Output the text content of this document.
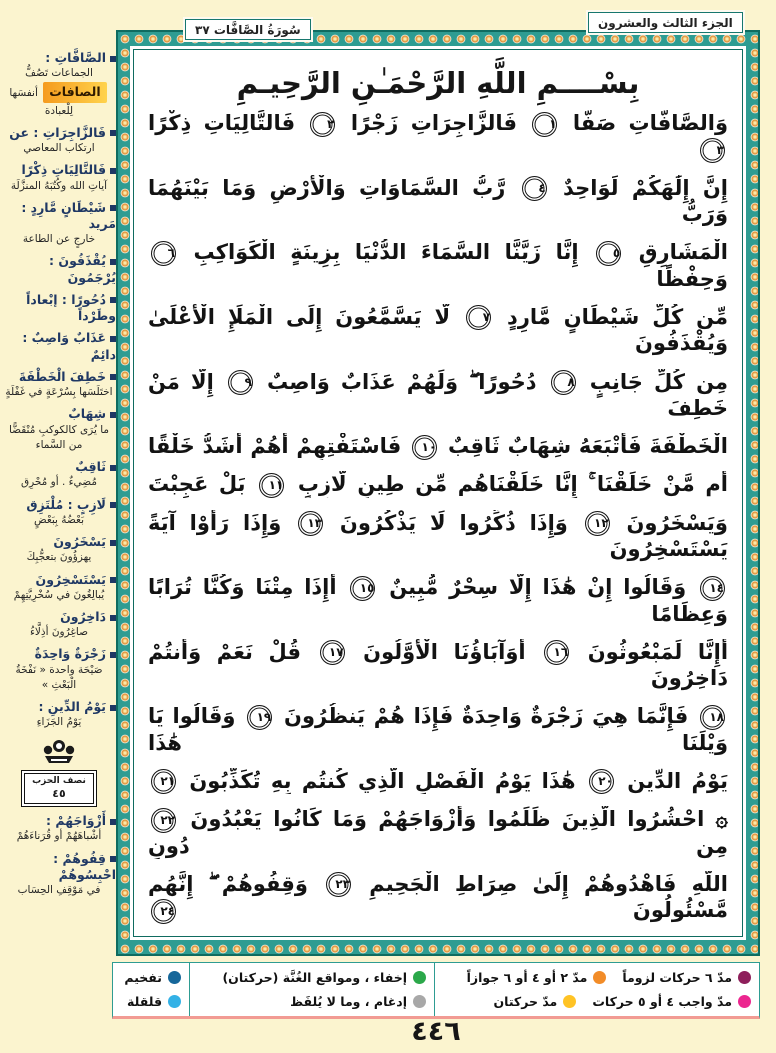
سُورَةُ الصَّافَّات ٣٧	الجزء الثالث والعشرون
بِسْــــمِ اللَّهِ الرَّحْمَـٰنِ الرَّحِيـمِ
وَالصَّافَّاتِ صَفًّا ١ فَالزَّاجِرَاتِ زَجْرًا ٢ فَالتَّالِيَاتِ ذِكْرًا ٣
إِنَّ إِلَٰهَكُمْ لَوَاحِدٌ ٤ رَّبُّ السَّمَاوَاتِ وَالْأَرْضِ وَمَا بَيْنَهُمَا وَرَبُّ
الْمَشَارِقِ ٥ إِنَّا زَيَّنَّا السَّمَاءَ الدُّنْيَا بِزِينَةٍ الْكَوَاكِبِ ٦ وَحِفْظًا
مِّن كُلِّ شَيْطَانٍ مَّارِدٍ ٧ لَّا يَسَّمَّعُونَ إِلَى الْمَلَإِ الْأَعْلَىٰ وَيُقْذَفُونَ
مِن كُلِّ جَانِبٍ ٨ دُحُورًا ۖ وَلَهُمْ عَذَابٌ وَاصِبٌ ٩ إِلَّا مَنْ خَطِفَ
الْخَطْفَةَ فَأَتْبَعَهُ شِهَابٌ ثَاقِبٌ ١٠ فَاسْتَفْتِهِمْ أَهُمْ أَشَدُّ خَلْقًا
أَم مَّنْ خَلَقْنَا ۚ إِنَّا خَلَقْنَاهُم مِّن طِينٍ لَّازِبٍ ١١ بَلْ عَجِبْتَ
وَيَسْخَرُونَ ١٢ وَإِذَا ذُكِّرُوا لَا يَذْكُرُونَ ١٣ وَإِذَا رَأَوْا آيَةً يَسْتَسْخِرُونَ
١٤ وَقَالُوا إِنْ هَٰذَا إِلَّا سِحْرٌ مُّبِينٌ ١٥ أَإِذَا مِتْنَا وَكُنَّا تُرَابًا وَعِظَامًا
أَإِنَّا لَمَبْعُوثُونَ ١٦ أَوَآبَاؤُنَا الْأَوَّلُونَ ١٧ قُلْ نَعَمْ وَأَنتُمْ دَاخِرُونَ
١٨ فَإِنَّمَا هِيَ زَجْرَةٌ وَاحِدَةٌ فَإِذَا هُمْ يَنظُرُونَ ١٩ وَقَالُوا يَا وَيْلَنَا هَٰذَا
يَوْمُ الدِّينِ ٢٠ هَٰذَا يَوْمُ الْفَصْلِ الَّذِي كُنتُم بِهِ تُكَذِّبُونَ ٢١
۞ احْشُرُوا الَّذِينَ ظَلَمُوا وَأَزْوَاجَهُمْ وَمَا كَانُوا يَعْبُدُونَ ٢٢ مِن دُونِ
اللَّهِ فَاهْدُوهُمْ إِلَىٰ صِرَاطِ الْجَحِيمِ ٢٣ وَقِفُوهُمْ ۖ إِنَّهُم مَّسْئُولُونَ ٢٤
الصَّافَّاتِ :
الجماعات تَصُفُّ الصافات أنفسَها لِلْعبادة
فَالزَّاجِرَاتِ : عن
ارتكاب المعاصي
فَالتَّالِيَاتِ ذِكْرًا
آياتِ الله وكُتُبَهُ المنزَّلَة
شَيْطَانٍ مَّارِدٍ : مَريد
خارجٍ عن الطاعة
يُقْذَفُونَ : يُرْجَمُونَ
دُحُورًا : إبْعاداً وطَرْداً
عَذَابٌ وَاصِبٌ : دائِمٌ
خَطِفَ الْخَطْفَةَ
اختَلَسَها بِسُرْعَةٍ في غَفْلَةٍ
شِهَابٌ
ما يُرَى كالكوكبِ مُنْقَضًّا من السَّماء
ثَاقِبٌ
مُضِيءٌ . أو مُحْرِق
لَازِبٍ : مُلْتَزِق
بَعْضُهُ بِبَعْضٍ
يَسْخَرُونَ
يهزؤُونَ بتعجُّبِكَ
يَسْتَسْخِرُونَ
يُبالِغُونَ في سُخْرِيَّتِهِمْ
دَاخِرُونَ
صاغِرُونَ أذِلَّاءُ
زَجْرَةٌ وَاحِدَةٌ
صَيْحَة واحدة « نَفْخَةُ الْبَعْثِ »
يَوْمُ الدِّينِ :
يَوْمُ الجَزَاءِ

نصف الحزب
٤٥
أَزْوَاجَهُمْ :
أشْباهَهُمْ أو قُرَناءَهُمْ
قِفُوهُمْ : احْبِسُوهُمْ
في مَوْقِفِ الحِسَاب
مدّ ٦ حركات لزوماً
مدّ ٢ أو ٤ أو ٦ جوازاً
مدّ واجب ٤ أو ٥ حركات
مدّ حركتان
إخفاء ، ومواقع الغُنَّة (حركتان)
إدغام ، وما لا يُلفَظ
تفخيم
قلقلة
٤٤٦
